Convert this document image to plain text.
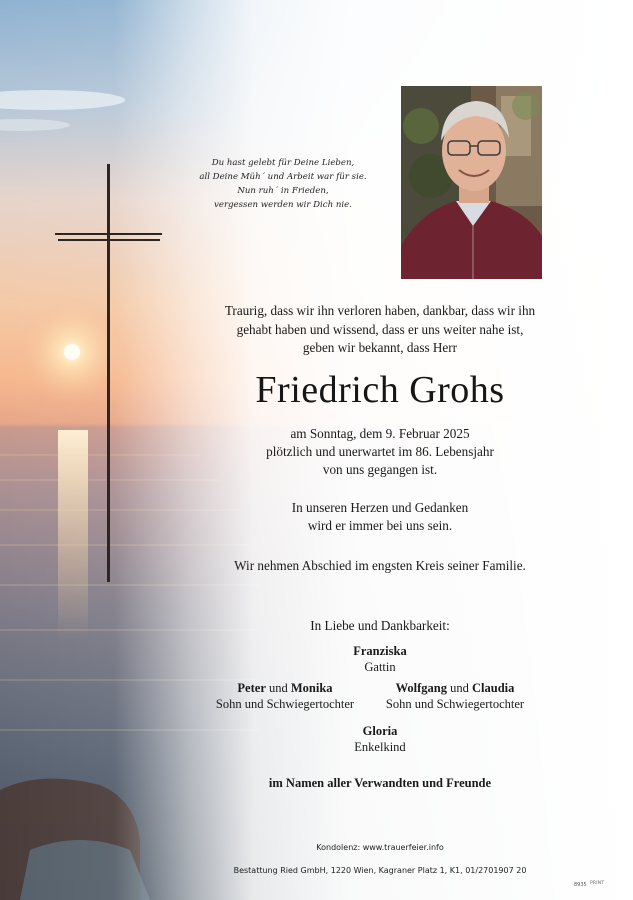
Du hast gelebt für Deine Lieben,
all Deine Müh´ und Arbeit war für sie.
Nun ruh´ in Frieden,
vergessen werden wir Dich nie.
Traurig, dass wir ihn verloren haben, dankbar, dass wir ihn
gehabt haben und wissend, dass er uns weiter nahe ist,
geben wir bekannt, dass Herr
Friedrich Grohs
am Sonntag, dem 9. Februar 2025
plötzlich und unerwartet im 86. Lebensjahr
von uns gegangen ist.
In unseren Herzen und Gedanken
wird er immer bei uns sein.
Wir nehmen Abschied im engsten Kreis seiner Familie.
In Liebe und Dankbarkeit:
Franziska
Gattin
Peter und Monika
Sohn und Schwiegertochter
Wolfgang und Claudia
Sohn und Schwiegertochter
Gloria
Enkelkind
im Namen aller Verwandten und Freunde
Kondolenz: www.trauerfeier.info
Bestattung Ried GmbH, 1220 Wien, Kagraner Platz 1, K1, 01/2701907 20
8935 PRINT
